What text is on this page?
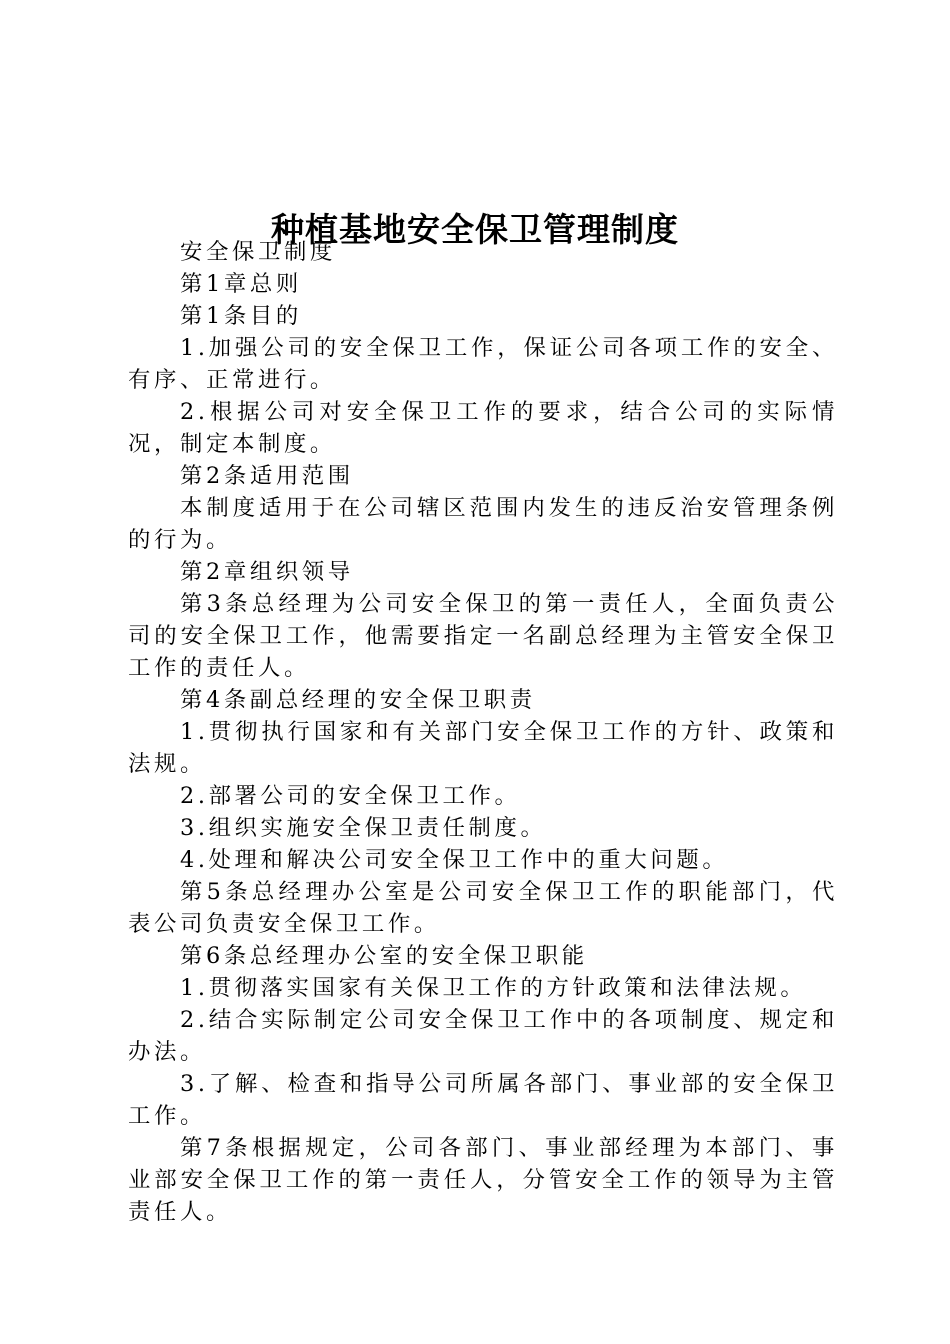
种植基地安全保卫管理制度

安全保卫制度

第1章总则

第1条目的

1.加强公司的安全保卫工作，保证公司各项工作的安全、有序、正常进行。

2.根据公司对安全保卫工作的要求，结合公司的实际情况，制定本制度。

第2条适用范围

本制度适用于在公司辖区范围内发生的违反治安管理条例的行为。

第2章组织领导

第3条总经理为公司安全保卫的第一责任人，全面负责公司的安全保卫工作，他需要指定一名副总经理为主管安全保卫工作的责任人。

第4条副总经理的安全保卫职责

1.贯彻执行国家和有关部门安全保卫工作的方针、政策和法规。

2.部署公司的安全保卫工作。

3.组织实施安全保卫责任制度。

4.处理和解决公司安全保卫工作中的重大问题。

第5条总经理办公室是公司安全保卫工作的职能部门，代表公司负责安全保卫工作。

第6条总经理办公室的安全保卫职能

1.贯彻落实国家有关保卫工作的方针政策和法律法规。

2.结合实际制定公司安全保卫工作中的各项制度、规定和办法。

3.了解、检查和指导公司所属各部门、事业部的安全保卫工作。

第7条根据规定，公司各部门、事业部经理为本部门、事业部安全保卫工作的第一责任人，分管安全工作的领导为主管责任人。
